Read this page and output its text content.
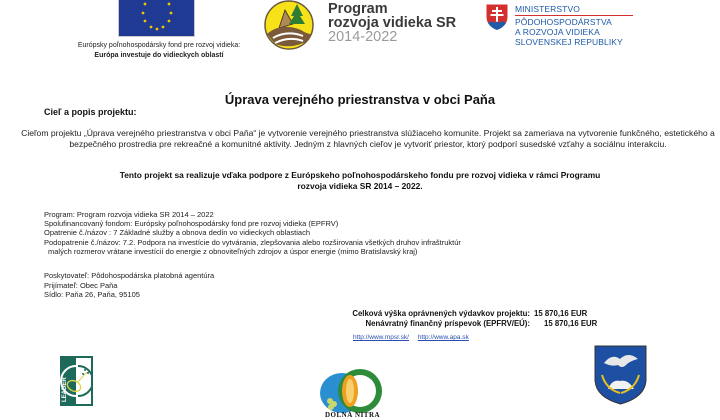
Európsky poľnohospodársky fond pre rozvoj vidieka:
Európa investuje do vidieckych oblastí
Program
rozvoja vidieka SR
2014-2022
MINISTERSTVO
PÔDOHOSPODÁRSTVA
A ROZVOJA VIDIEKA
SLOVENSKEJ REPUBLIKY
Úprava verejného priestranstva v obci Paňa
Cieľ a popis projektu:
Cieľom projektu „Úprava verejného priestranstva v obci Paňa“ je vytvorenie verejného priestranstva slúžiaceho komunite. Projekt sa zameriava na vytvorenie funkčného, estetického a bezpečného prostredia pre rekreačné a komunitné aktivity. Jedným z hlavných cieľov je vytvoriť priestor, ktorý podporí susedské vzťahy a sociálnu interakciu.
Tento projekt sa realizuje vďaka podpore z Európskeho poľnohospodárskeho fondu pre rozvoj vidieka v rámci Programu
rozvoja vidieka SR 2014 – 2022.
Program: Program rozvoja vidieka SR 2014 – 2022
Spolufinancovaný fondom: Európsky poľnohospodársky fond pre rozvoj vidieka (EPFRV)
Opatrenie č./názov : 7 Základné služby a obnova dedín vo vidieckych oblastiach
Podopatrenie č./názov: 7.2. Podpora na investície do vytvárania, zlepšovania alebo rozširovania všetkých druhov infraštruktúr
malých rozmerov vrátane investícií do energie z obnoviteľných zdrojov a úspor energie (mimo Bratislavský kraj)
Poskytovateľ: Pôdohospodárska platobná agentúra
Prijímateľ: Obec Paňa
Sídlo: Paňa 26, Paňa, 95105
Celková výška oprávnených výdavkov projektu: 15 870,16 EUR
Nenávratný finančný príspevok (EPFRV/EÚ):	15 870,16 EUR
http://www.mpsr.sk/ http://www.apa.sk
LEADER
DOLNÁ NITRA
